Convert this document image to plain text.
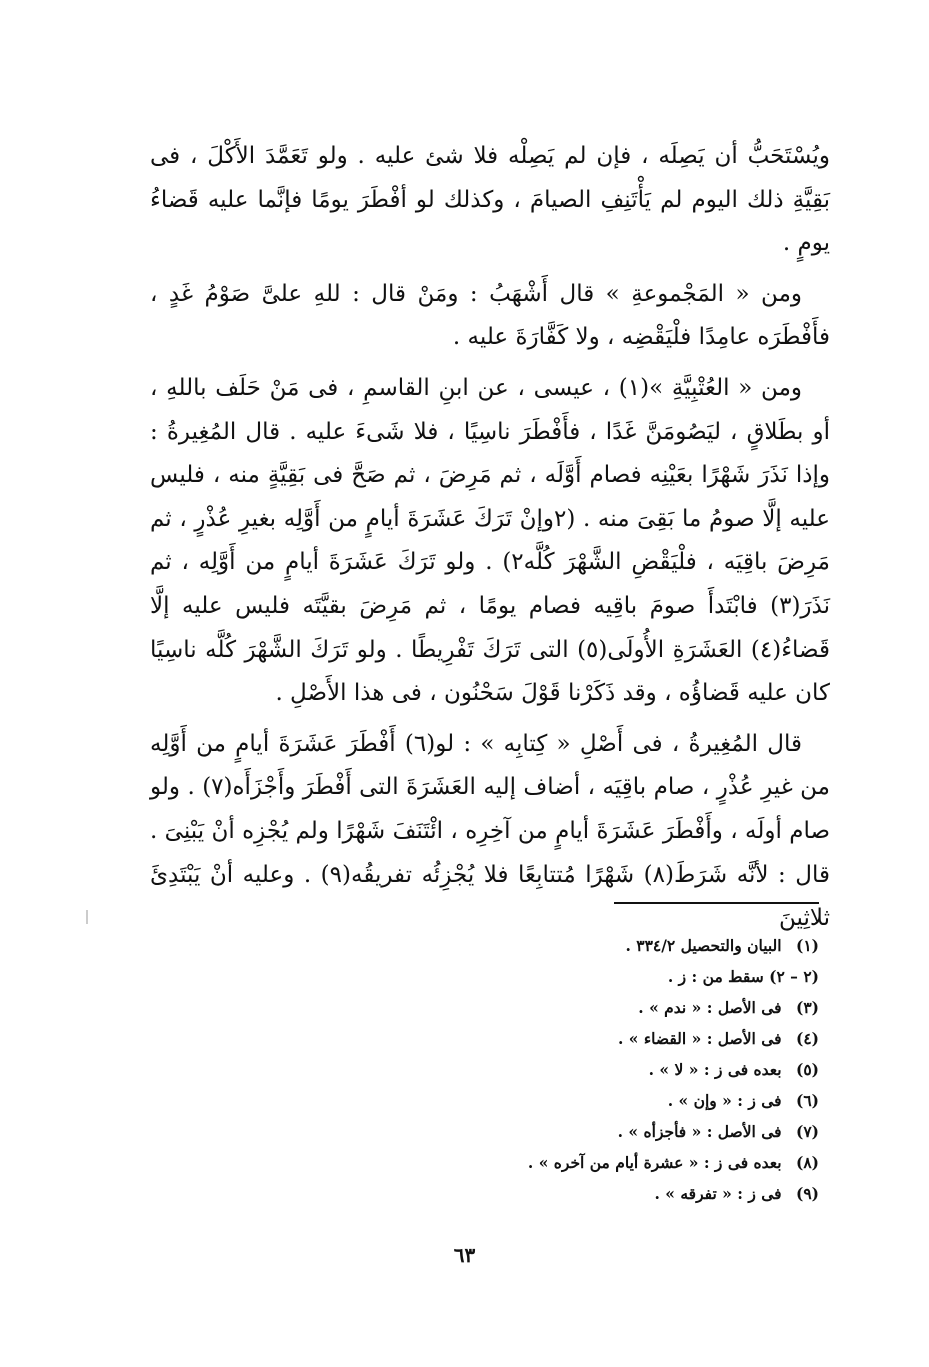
ويُسْتَحَبُّ أن يَصِلَه ، فإن لم يَصِلْه فلا شئ عليه . ولو تَعَمَّدَ الأَكْلَ ، فى بَقِيَّةِ ذلك اليوم لم يَأْتَنِفِ الصيامَ ، وكذلك لو أفْطَرَ يومًا فإنَّما عليه قَضاءُ يومٍ .

ومن « المَجْموعةِ » قال أَشْهَبُ : ومَنْ قال : للهِ علىَّ صَوْمُ غَدٍ ، فأَفْطَرَه عامِدًا فلْيَقْضِه ، ولا كَفَّارَةَ عليه .

ومن « العُتْبِيَّةِ »(١) ، عيسى ، عن ابنِ القاسمِ ، فى مَنْ حَلَف باللهِ ، أو بطَلاقٍ ، ليَصُومَنَّ غَدًا ، فأَفْطَرَ ناسِيًا ، فلا شَىءَ عليه . قال المُغِيرةُ : وإذا نَذَرَ شَهْرًا بعَيْنِه فصام أَوَّلَه ، ثم مَرِضَ ، ثم صَحَّ فى بَقِيَّةٍ منه ، فليس عليه إلَّا صومُ ما بَقِىَ منه . (٢وإنْ تَرَكَ عَشَرَةَ أيامٍ من أَوَّلِه بغيرِ عُذْرٍ ، ثم مَرِضَ باقِيَه ، فلْيَقْضِ الشَّهْرَ كُلَّه٢) . ولو تَرَكَ عَشَرَةَ أيامٍ من أَوَّلِه ، ثم نَذَرَ(٣) فابْتَدأَ صومَ باقِيه فصام يومًا ، ثم مَرِضَ بقيَّتَه فليس عليه إلَّا قَضاءُ(٤) العَشَرَةِ الأُولَى(٥) التى تَرَكَ تَفْرِيطًا . ولو تَرَكَ الشَّهْرَ كُلَّه ناسِيًا كان عليه قَضاؤُه ، وقد ذَكَرْنا قَوْلَ سَحْنُون ، فى هذا الأَصْلِ .

قال المُغِيرةُ ، فى أَصْلِ « كِتابِه » : لو(٦) أَفْطَرَ عَشَرَةَ أيامٍ من أَوَّلِه من غيرِ عُذْرٍ ، صام باقِيَه ، أضاف إليه العَشَرَةَ التى أَفْطَرَ وأَجْزَأَه(٧) . ولو صام أولَه ، وأَفْطَرَ عَشَرَةَ أيامٍ من آخِرِه ، ائْتَنَفَ شَهْرًا ولم يُجْزِه أنْ يَبْنِىَ . قال : لأنَّه شَرَطَ(٨) شَهْرًا مُتتابِعًا فلا يُجْزِئُه تفريقُه(٩) . وعليه أنْ يَبْتَدِئَ ثلاثِينَ

(١) البيان والتحصيل ٣٣٤/٢ .
(٢ – ٢) سقط من : ز .
(٣) فى الأصل : « ندم » .
(٤) فى الأصل : « القضاء » .
(٥) بعده فى ز : « لا » .
(٦) فى ز : « وإن » .
(٧) فى الأصل : « فأجزأه » .
(٨) بعده فى ز : « عشرة أيام من آخره » .
(٩) فى ز : « تفرقه » .
٦٣
